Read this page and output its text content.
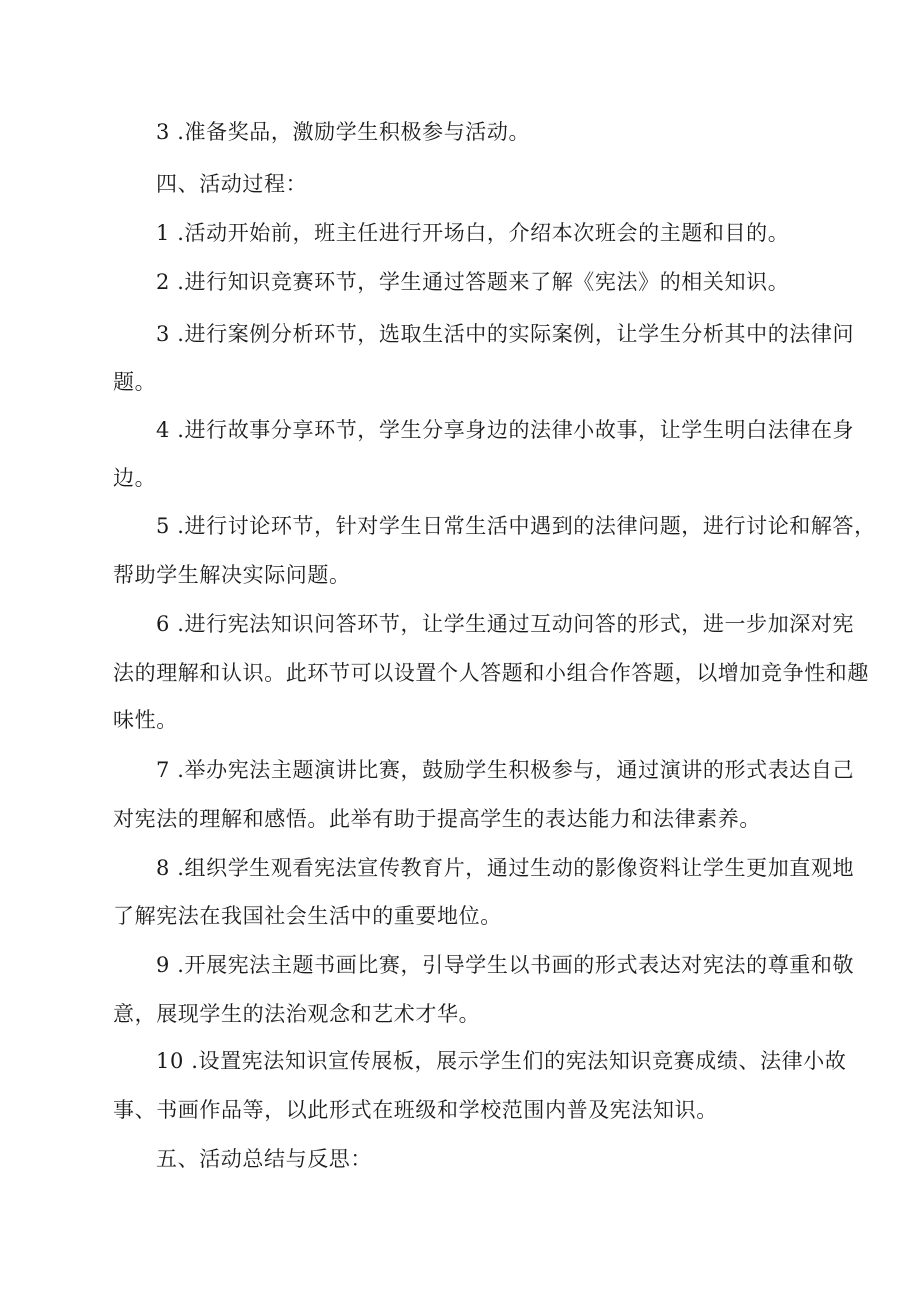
3 .准备奖品，激励学生积极参与活动。
四、活动过程：
1 .活动开始前，班主任进行开场白，介绍本次班会的主题和目的。
2 .进行知识竞赛环节，学生通过答题来了解《宪法》的相关知识。
3 .进行案例分析环节，选取生活中的实际案例，让学生分析其中的法律问
题。
4 .进行故事分享环节，学生分享身边的法律小故事，让学生明白法律在身
边。
5 .进行讨论环节，针对学生日常生活中遇到的法律问题，进行讨论和解答，
帮助学生解决实际问题。
6 .进行宪法知识问答环节，让学生通过互动问答的形式，进一步加深对宪
法的理解和认识。此环节可以设置个人答题和小组合作答题，以增加竞争性和趣
味性。
7 .举办宪法主题演讲比赛，鼓励学生积极参与，通过演讲的形式表达自己
对宪法的理解和感悟。此举有助于提高学生的表达能力和法律素养。
8 .组织学生观看宪法宣传教育片，通过生动的影像资料让学生更加直观地
了解宪法在我国社会生活中的重要地位。
9 .开展宪法主题书画比赛，引导学生以书画的形式表达对宪法的尊重和敬
意，展现学生的法治观念和艺术才华。
10 .设置宪法知识宣传展板，展示学生们的宪法知识竞赛成绩、法律小故
事、书画作品等，以此形式在班级和学校范围内普及宪法知识。
五、活动总结与反思：
